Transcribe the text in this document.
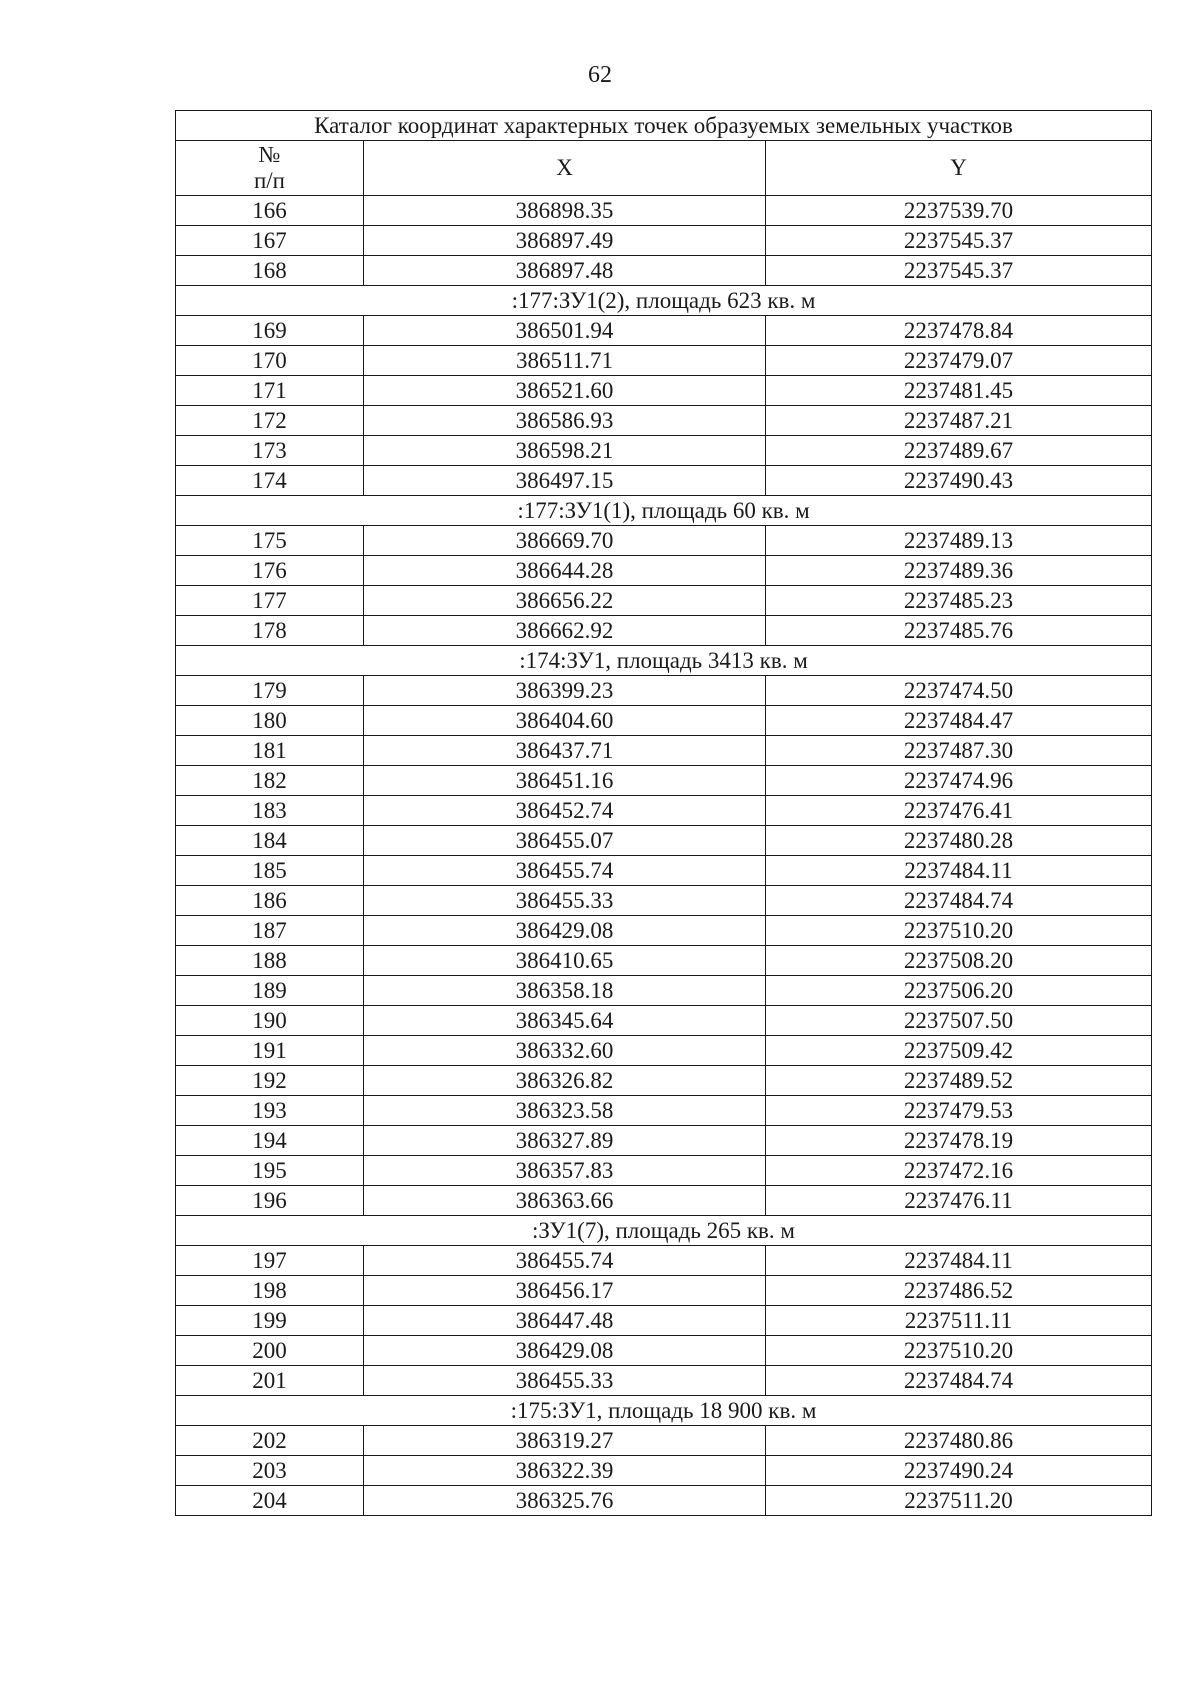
62
Каталог координат характерных точек образуемых земельных участков		
№
п/п	X	Y
166	386898.35	2237539.70
167	386897.49	2237545.37
168	386897.48	2237545.37
:177:ЗУ1(2), площадь 623 кв. м		
169	386501.94	2237478.84
170	386511.71	2237479.07
171	386521.60	2237481.45
172	386586.93	2237487.21
173	386598.21	2237489.67
174	386497.15	2237490.43
:177:ЗУ1(1), площадь 60 кв. м		
175	386669.70	2237489.13
176	386644.28	2237489.36
177	386656.22	2237485.23
178	386662.92	2237485.76
:174:ЗУ1, площадь 3413 кв. м		
179	386399.23	2237474.50
180	386404.60	2237484.47
181	386437.71	2237487.30
182	386451.16	2237474.96
183	386452.74	2237476.41
184	386455.07	2237480.28
185	386455.74	2237484.11
186	386455.33	2237484.74
187	386429.08	2237510.20
188	386410.65	2237508.20
189	386358.18	2237506.20
190	386345.64	2237507.50
191	386332.60	2237509.42
192	386326.82	2237489.52
193	386323.58	2237479.53
194	386327.89	2237478.19
195	386357.83	2237472.16
196	386363.66	2237476.11
:ЗУ1(7), площадь 265 кв. м		
197	386455.74	2237484.11
198	386456.17	2237486.52
199	386447.48	2237511.11
200	386429.08	2237510.20
201	386455.33	2237484.74
:175:ЗУ1, площадь 18 900 кв. м		
202	386319.27	2237480.86
203	386322.39	2237490.24
204	386325.76	2237511.20
